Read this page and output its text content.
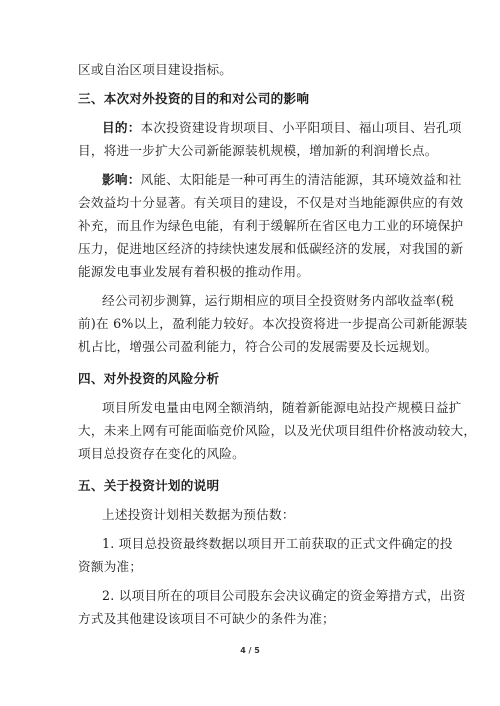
区或自治区项目建设指标。
三、本次对外投资的目的和对公司的影响
目的：本次投资建设肯坝项目、小平阳项目、福山项目、岩孔项
目，将进一步扩大公司新能源装机规模，增加新的利润增长点。
影响：风能、太阳能是一种可再生的清洁能源，其环境效益和社
会效益均十分显著。有关项目的建设，不仅是对当地能源供应的有效
补充，而且作为绿色电能，有利于缓解所在省区电力工业的环境保护
压力，促进地区经济的持续快速发展和低碳经济的发展，对我国的新
能源发电事业发展有着积极的推动作用。
经公司初步测算，运行期相应的项目全投资财务内部收益率(税
前)在 6%以上，盈利能力较好。本次投资将进一步提高公司新能源装
机占比，增强公司盈利能力，符合公司的发展需要及长远规划。
四、对外投资的风险分析
项目所发电量由电网全额消纳，随着新能源电站投产规模日益扩
大，未来上网有可能面临竞价风险，以及光伏项目组件价格波动较大，
项目总投资存在变化的风险。
五、关于投资计划的说明
上述投资计划相关数据为预估数：
1. 项目总投资最终数据以项目开工前获取的正式文件确定的投
资额为准；
2. 以项目所在的项目公司股东会决议确定的资金筹措方式，出资
方式及其他建设该项目不可缺少的条件为准；
4 / 5
